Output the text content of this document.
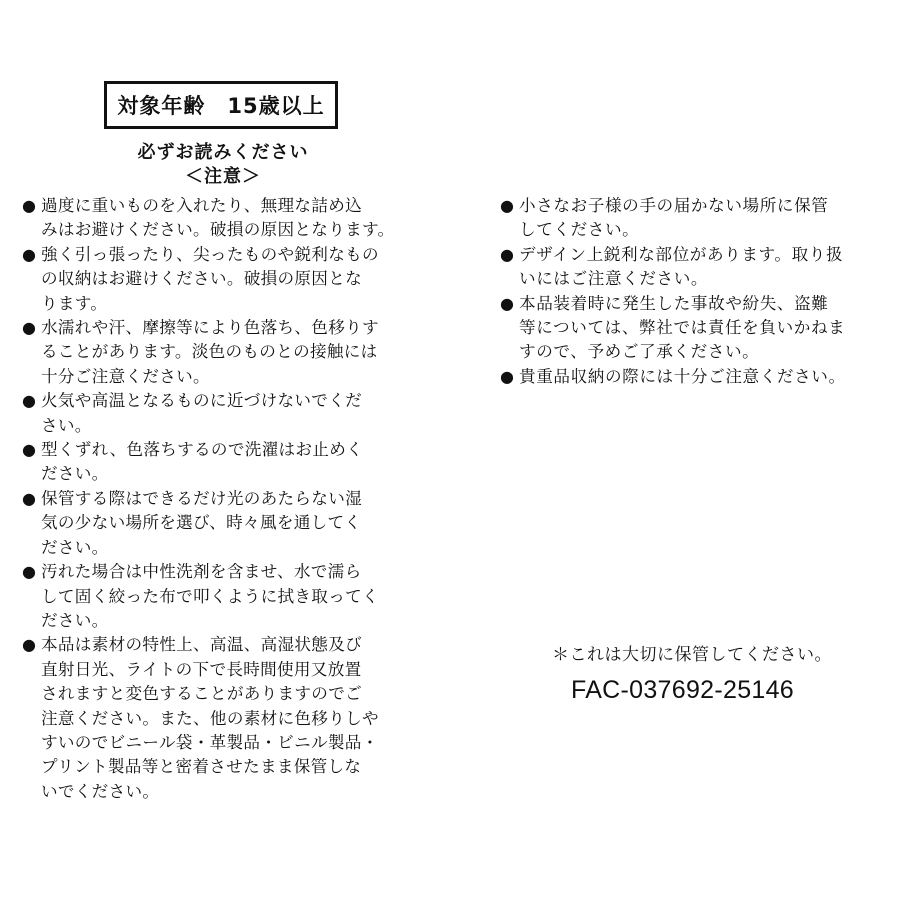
対象年齢　15歳以上
必ずお読みください
＜注意＞
● 過度に重いものを入れたり、無理な詰め込
みはお避けください。破損の原因となります。
● 強く引っ張ったり、尖ったものや鋭利なもの
の収納はお避けください。破損の原因とな
ります。
● 水濡れや汗、摩擦等により色落ち、色移りす
ることがあります。淡色のものとの接触には
十分ご注意ください。
● 火気や高温となるものに近づけないでくだ
さい。
● 型くずれ、色落ちするので洗濯はお止めく
ださい。
● 保管する際はできるだけ光のあたらない湿
気の少ない場所を選び、時々風を通してく
ださい。
● 汚れた場合は中性洗剤を含ませ、水で濡ら
して固く絞った布で叩くように拭き取ってく
ださい。
● 本品は素材の特性上、高温、高湿状態及び
直射日光、ライトの下で長時間使用又放置
されますと変色することがありますのでご
注意ください。また、他の素材に色移りしや
すいのでビニール袋・革製品・ビニル製品・
プリント製品等と密着させたまま保管しな
いでください。
● 小さなお子様の手の届かない場所に保管
してください。
● デザイン上鋭利な部位があります。取り扱
いにはご注意ください。
● 本品装着時に発生した事故や紛失、盗難
等については、弊社では責任を負いかねま
すので、予めご了承ください。
● 貴重品収納の際には十分ご注意ください。
＊これは大切に保管してください。
FAC-037692-25146
